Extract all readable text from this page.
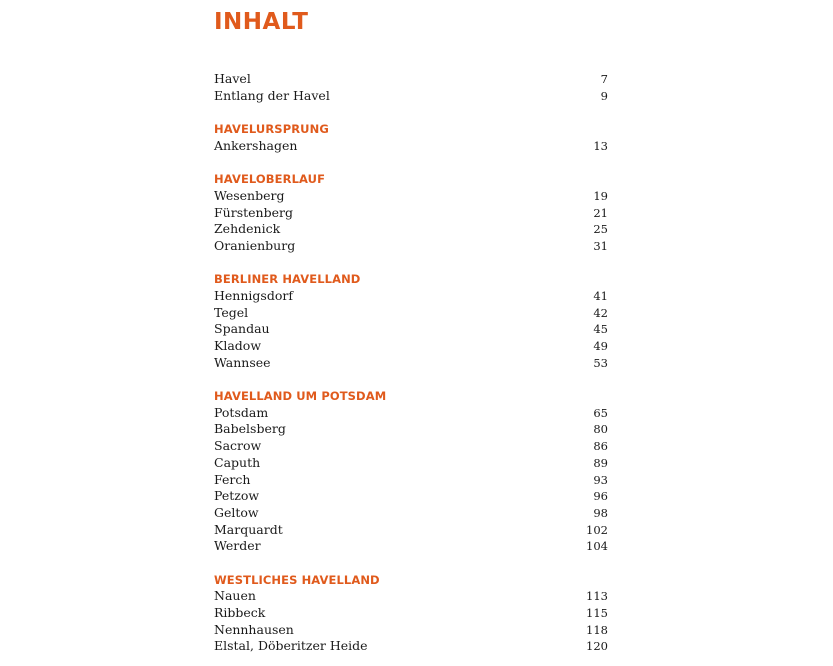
INHALT
Havel	7
Entlang der Havel	9
HAVELURSPRUNG
Ankershagen	13
HAVELOBERLAUF
Wesenberg	19
Fürstenberg	21
Zehdenick	25
Oranienburg	31
BERLINER HAVELLAND
Hennigsdorf	41
Tegel	42
Spandau	45
Kladow	49
Wannsee	53
HAVELLAND UM POTSDAM
Potsdam	65
Babelsberg	80
Sacrow	86
Caputh	89
Ferch	93
Petzow	96
Geltow	98
Marquardt	102
Werder	104
WESTLICHES HAVELLAND
Nauen	113
Ribbeck	115
Nennhausen	118
Elstal, Döberitzer Heide	120
